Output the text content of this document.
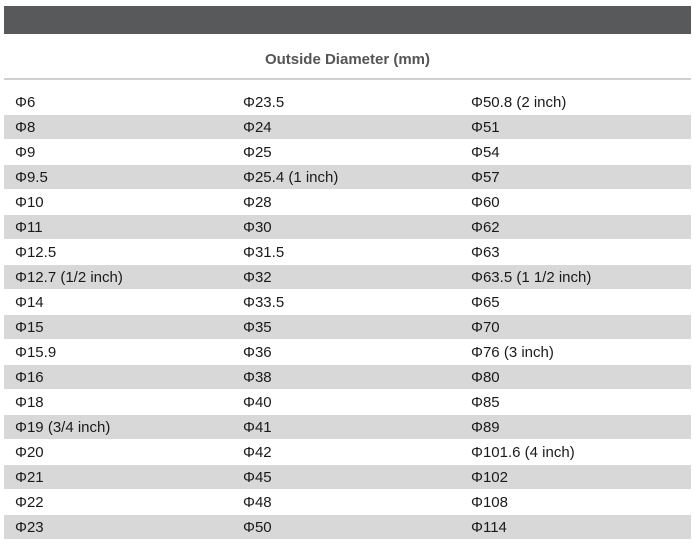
Outside Diameter (mm)
Φ6	Φ23.5	Φ50.8 (2 inch)
Φ8	Φ24	Φ51
Φ9	Φ25	Φ54
Φ9.5	Φ25.4 (1 inch)	Φ57
Φ10	Φ28	Φ60
Φ11	Φ30	Φ62
Φ12.5	Φ31.5	Φ63
Φ12.7 (1/2 inch)	Φ32	Φ63.5 (1 1/2 inch)
Φ14	Φ33.5	Φ65
Φ15	Φ35	Φ70
Φ15.9	Φ36	Φ76 (3 inch)
Φ16	Φ38	Φ80
Φ18	Φ40	Φ85
Φ19 (3/4 inch)	Φ41	Φ89
Φ20	Φ42	Φ101.6 (4 inch)
Φ21	Φ45	Φ102
Φ22	Φ48	Φ108
Φ23	Φ50	Φ114
